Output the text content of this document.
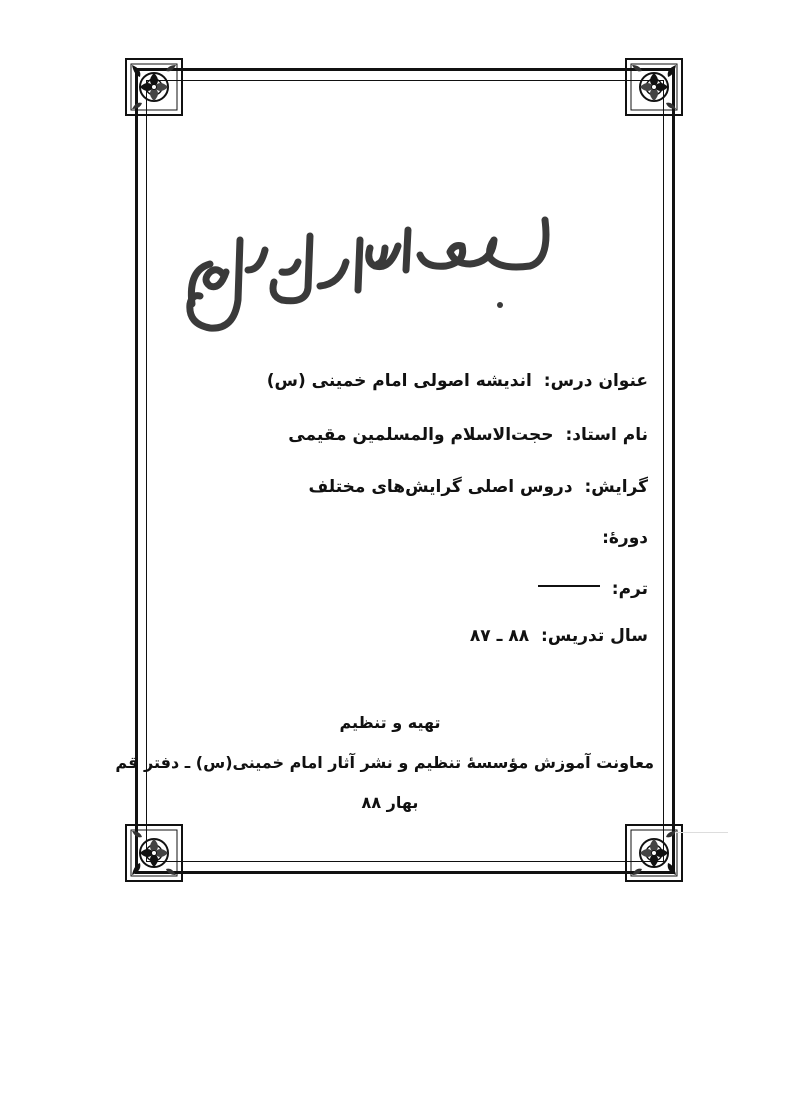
عنوان درس: اندیشه اصولی امام خمینی (س)
نام استاد: حجت‌الاسلام والمسلمین مقیمی
گرایش: دروس اصلی گرایش‌های مختلف
دورهٔ:
ترم:
سال تدریس: ۸۸ ـ ۸۷
تهیه و تنظیم
معاونت آموزش مؤسسهٔ تنظیم و نشر آثار امام خمینی(س) ـ دفتر قم
بهار ۸۸
